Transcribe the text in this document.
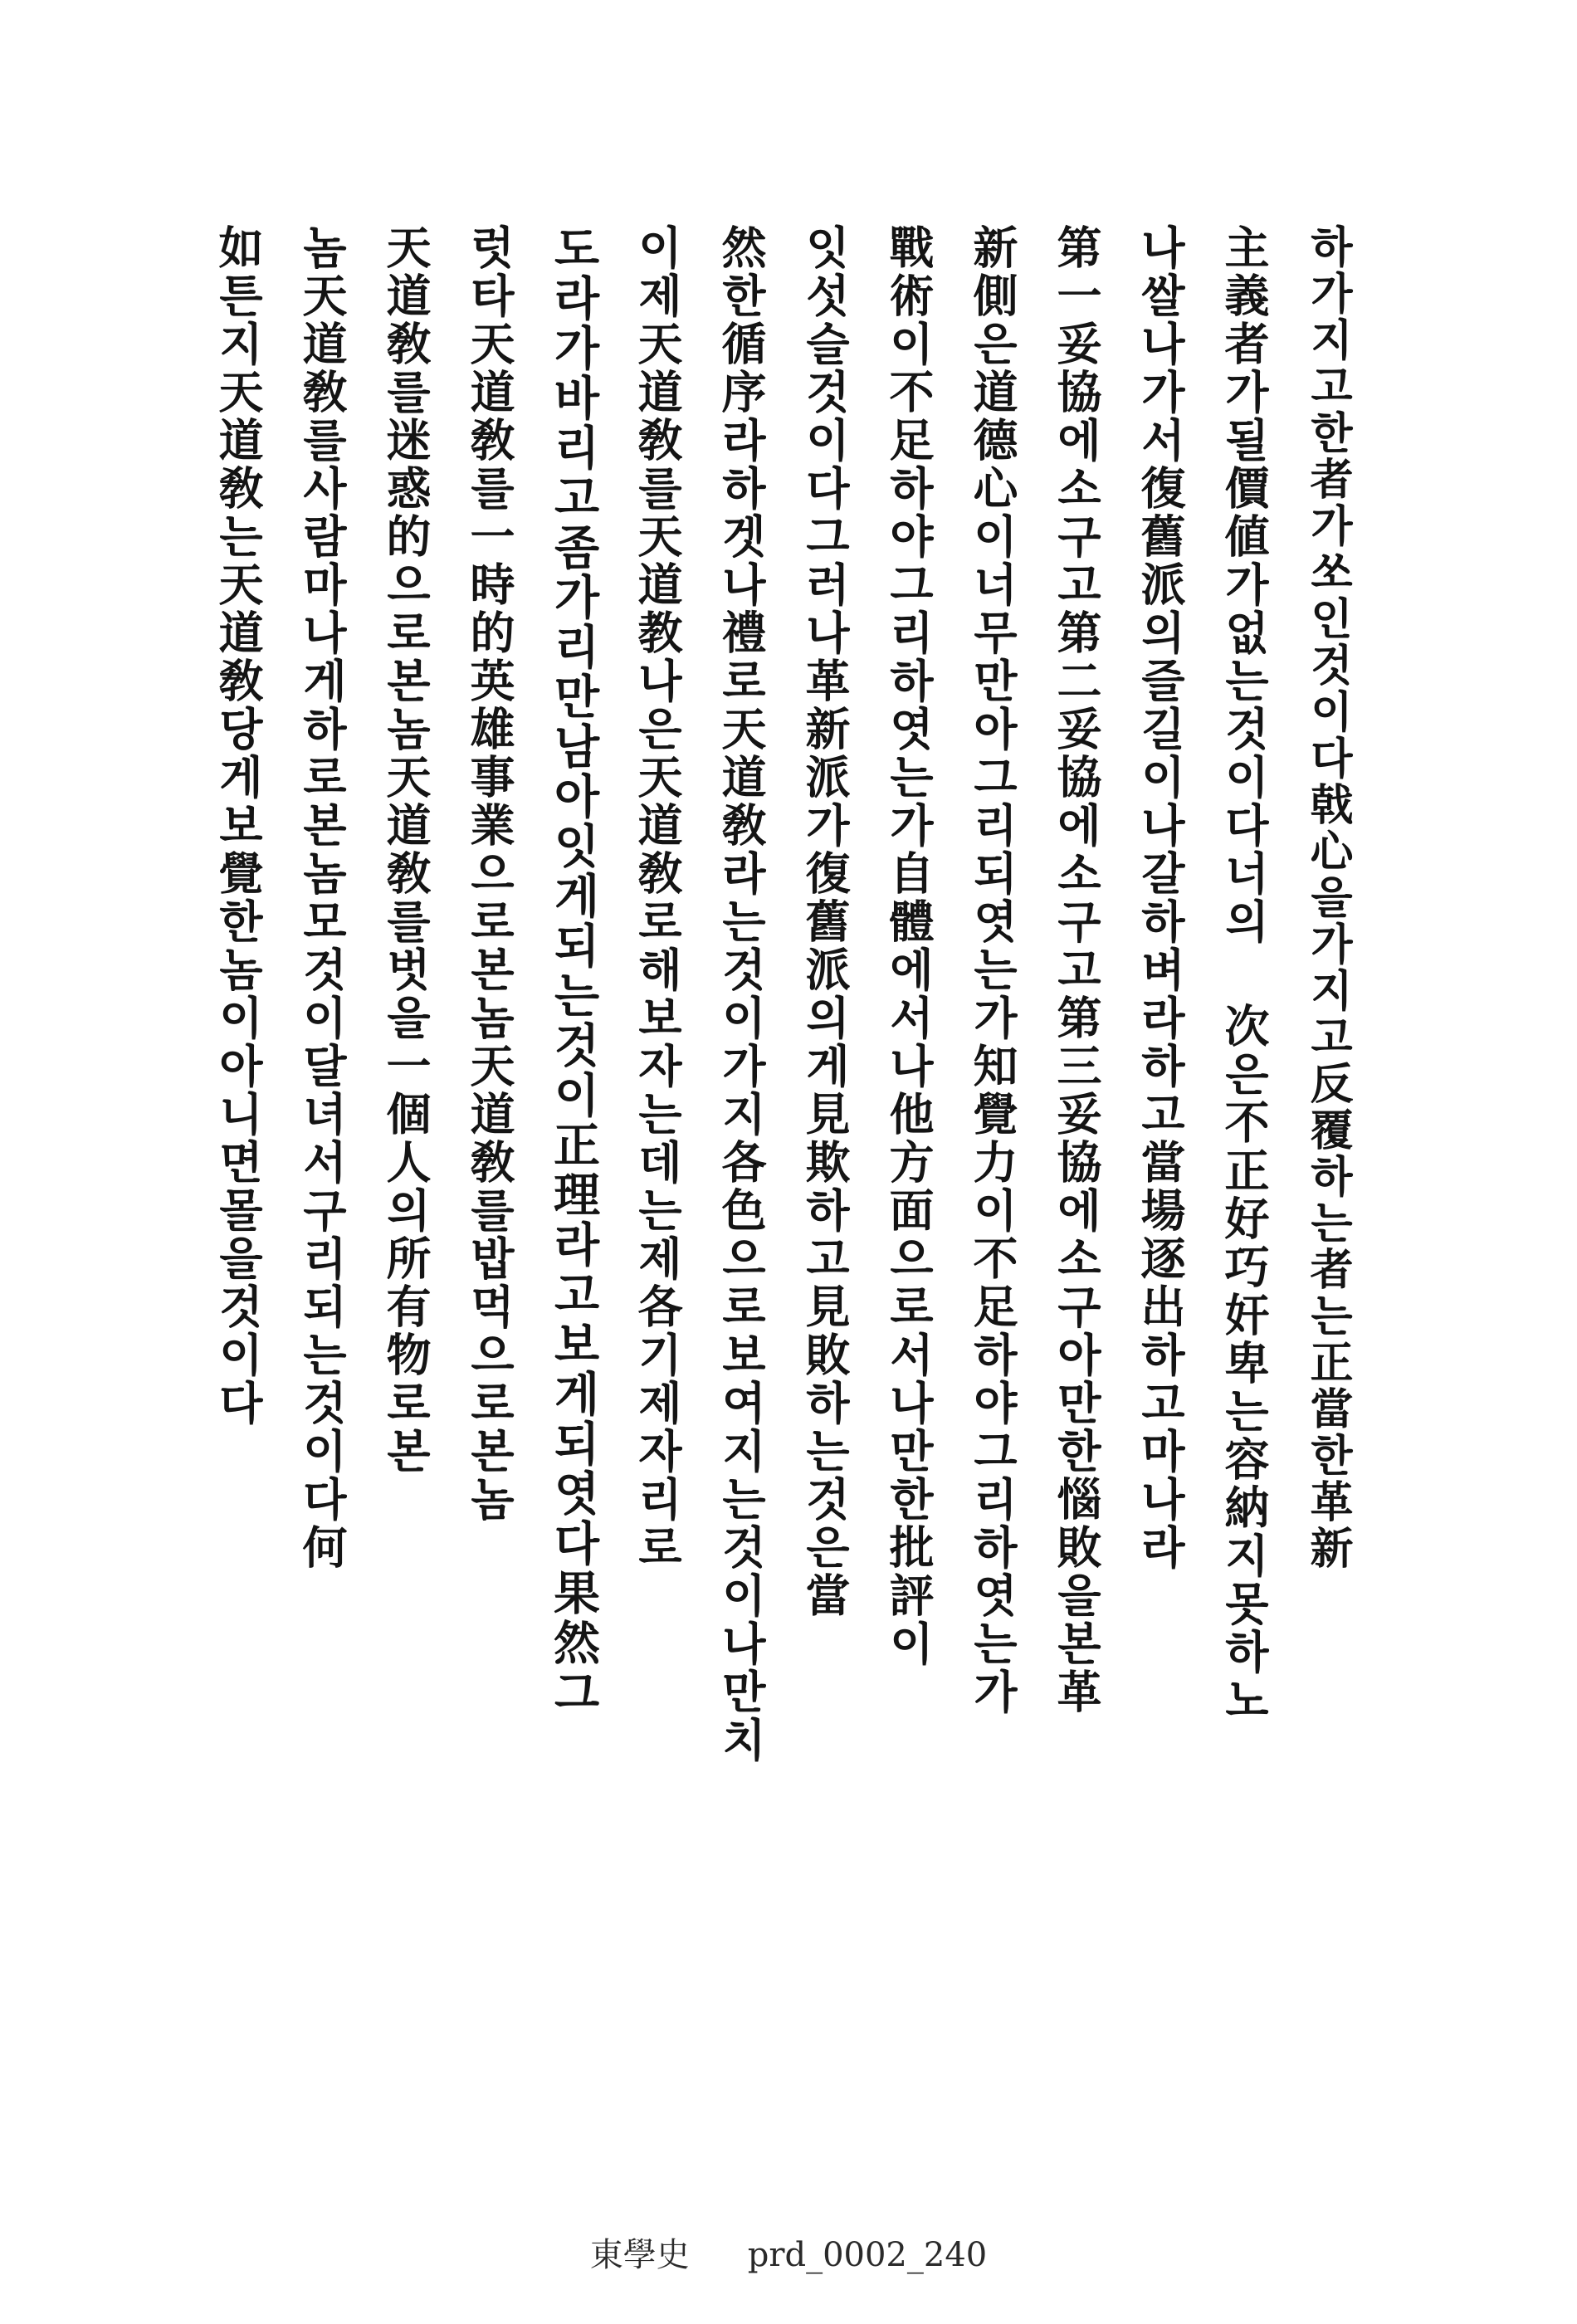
하가지고한者가쏘인것이다戟心을가지고反覆하는者는正當한革新
主義者가될價値가없는것이다너의 次은不正好巧奸卑는容納지못하노
나쌀나가서復舊派의즐길이나갈하벼라하고當場逐出하고마나라
第一妥協에소구고第二妥協에소구고第三妥協에소구아만한惱敗을본革
新側은道德心이너무만아그리되엿는가知覺力이不足하야그리하엿는가
戰術이不足하야그리하엿는가自體에서나他方面으로서나만한批評이
잇섯슬것이다그러나革新派가復舊派의게見欺하고見敗하는것은當
然한循序라하겟나禮로天道敎라는것이가지各色으로보여지는것이나만치
이제天道敎를天道教나은天道敎로해보자는데는제各기제자리로
도라가바리고좀가리만남아잇게되는것이正理라고보게되엿다果然그
럿타天道敎를一時的英雄事業으로본놈天道敎를밥먹으로본놈
天道敎를迷惑的으로본놈天道敎를벗을一個人의所有物로본
놈天道敎를사람마나게하로본놈모것이달녀서구리되는것이다何
如튼지天道敎는天道敎당게보覺한놈이아니면몰을것이다
東學史 prd_0002_240
